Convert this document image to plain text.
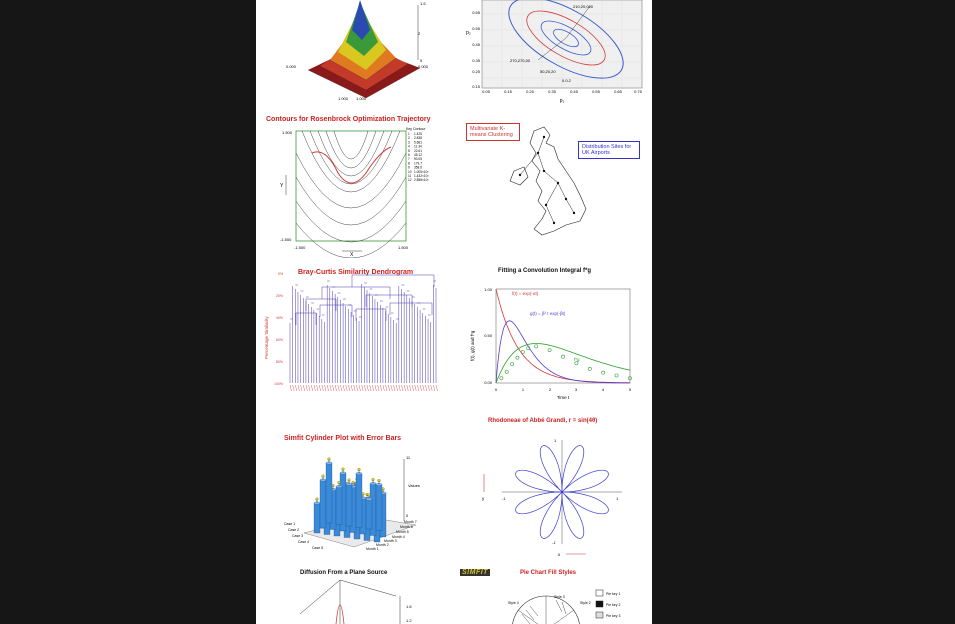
1.5
2
5
0.000
0.000
1.000 1.000
210,20,020
270,270,00
50,20,20
0.0.2
0.65
0.55
0.45
0.35
0.25
0.15
0.05	0.15	0.25	0.35	0.45	0.55	0.65	0.75
p₁
p₂
Contours for Rosenbrock Optimization Trajectory
Key Contour
1 1.425
2 2.838
3 5.681
4 11.34
5 22.61
6 45.12
7 90.05
8 179.7
9 358.6
10 1.005×10³
11 1.432×10³
12 2.858×10³
1.500
-1.500
-1.500	1.500
X
Y
Multivariate K-means Clustering
Distribution Sites for UK Airports
Bray-Curtis Similarity Dendrogram
0%
20%
40%
60%
80%
100%
Percentage Similarity
Fitting a Convolution Integral f*g
1.00
0.50
0.00
0	1	2	3	4	5
Time t
f(t), g(t) and f*g
f(t) = exp(-αt)
g(t) = β² t exp(-βt)
f*g
Simfit Cylinder Plot with Error Bars
11
0
Values
Case 1
Case 2
Case 3
Case 4
Case 5
Month 7
Month 6
Month 5
Month 4
Month 3
Month 2
Month 1
Rhodoneae of Abbé Grandi, r = sin(4θ)
-1	1
1
-1
x
y
Diffusion From a Plane Source
1.6
1.2
SIMFIT	Pie Chart Fill Styles
Style 3
Style 2
Style 4
Pie key 1
Pie key 2
Pie key 3
